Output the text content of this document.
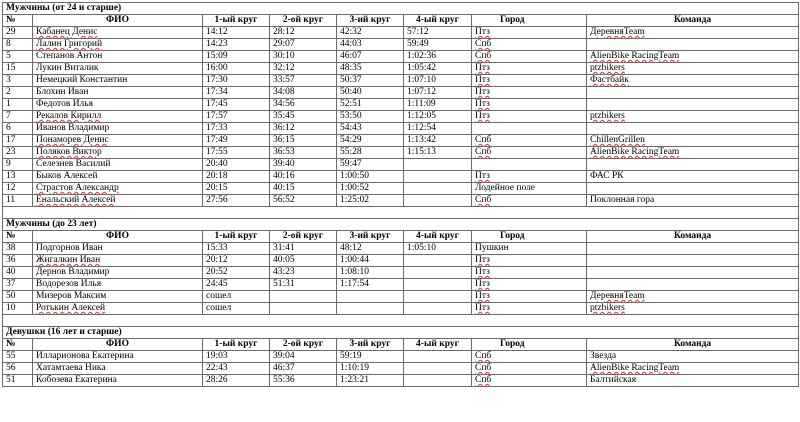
Мужчины (от 24 и старше)							
№	ФИО	1-ый круг	2-ой круг	3-ий круг	4-ый круг	Город	Команда
29	Кабанец Денис	14:12	28:12	42:32	57:12	Птз	ДеревняTeam
8	Лалин Григорий	14:23	29:07	44:03	59:49	Спб	
5	Степанов Антон	15:09	30:10	46:07	1:02:36	Спб	AlienBike RacingTeam
15	Лукин Виталик	16:00	32:12	48:35	1:05:42	Птз	ptzbikers
3	Немецкий Константин	17:30	33:57	50:37	1:07:10	Птз	Фастбайк
2	Блохин Иван	17:34	34:08	50:40	1:07:12	Птз	
1	Федотов Илья	17:45	34:56	52:51	1:11:09	Птз	
7	Рекалов Кирилл	17:57	35:45	53:50	1:12:05	Птз	ptzbikers
6	Иванов Владимир	17:33	36:12	54:43	1:12:54		
17	Понаморев Денис	17:49	36:15	54:29	1:13:42	Спб	ChillenGrillen
23	Поляков Виктор	17:55	36:53	55:28	1:15:13	Спб	AlienBike RacingTeam
9	Селезнев Василий	20:40	39:40	59:47			
13	Быков Алексей	20:18	40:16	1:00:50		Птз	ФАС РК
12	Страстов Александр	20:15	40:15	1:00:52		Лодейное поле	
11	Енальский Алексей	27:56	56:52	1:25:02		Спб	Поклонная гора

Мужчины (до 23 лет)							
№	ФИО	1-ый круг	2-ой круг	3-ий круг	4-ый круг	Город	Команда
38	Подгорнов Иван	15:33	31:41	48:12	1:05:10	Пушкин	
36	Жигалкин Иван	20:12	40:05	1:00:44		Птз	
40	Дернов Владимир	20:52	43:23	1:08:10		Птз	
37	Водорезов Илья	24:45	51:31	1:17:54		Птз	
50	Мизеров Максим	сошел				Птз	ДеревняTeam
10	Ротькин Алексей	сошел				Птз	ptzbikers

Девушки (16 лет и старше)							
№	ФИО	1-ый круг	2-ой круг	3-ий круг	4-ый круг	Город	Команда
55	Илларионова Екатерина	19:03	39:04	59:19		Спб	Звезда
56	Хатамтаева Ника	22:43	46:37	1:10:19		Спб	AlienBike RacingTeam
51	Кобозева Екатерина	28:26	55:36	1:23:21		Спб	Балтийская
